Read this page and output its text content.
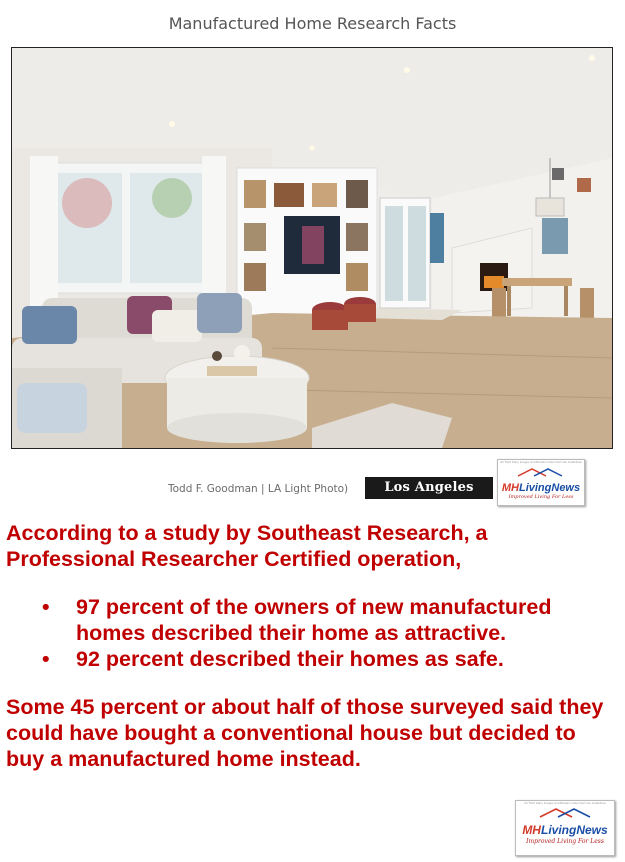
Manufactured Home Research Facts
Todd F. Goodman | LA Light Photo)	Los Angeles Times
All Third Party Images and Brands Under Fair Use Guidelines
MHLivingNews
Improved Living For Less

According to a study by Southeast Research, a Professional Researcher Certified operation,

• 97 percent of the owners of new manufactured homes described their home as attractive.
• 92 percent described their homes as safe.

Some 45 percent or about half of those surveyed said they could have bought a conventional house but decided to buy a manufactured home instead.

All Third Party Images and Brands Under Fair Use Guidelines
MHLivingNews
Improved Living For Less
